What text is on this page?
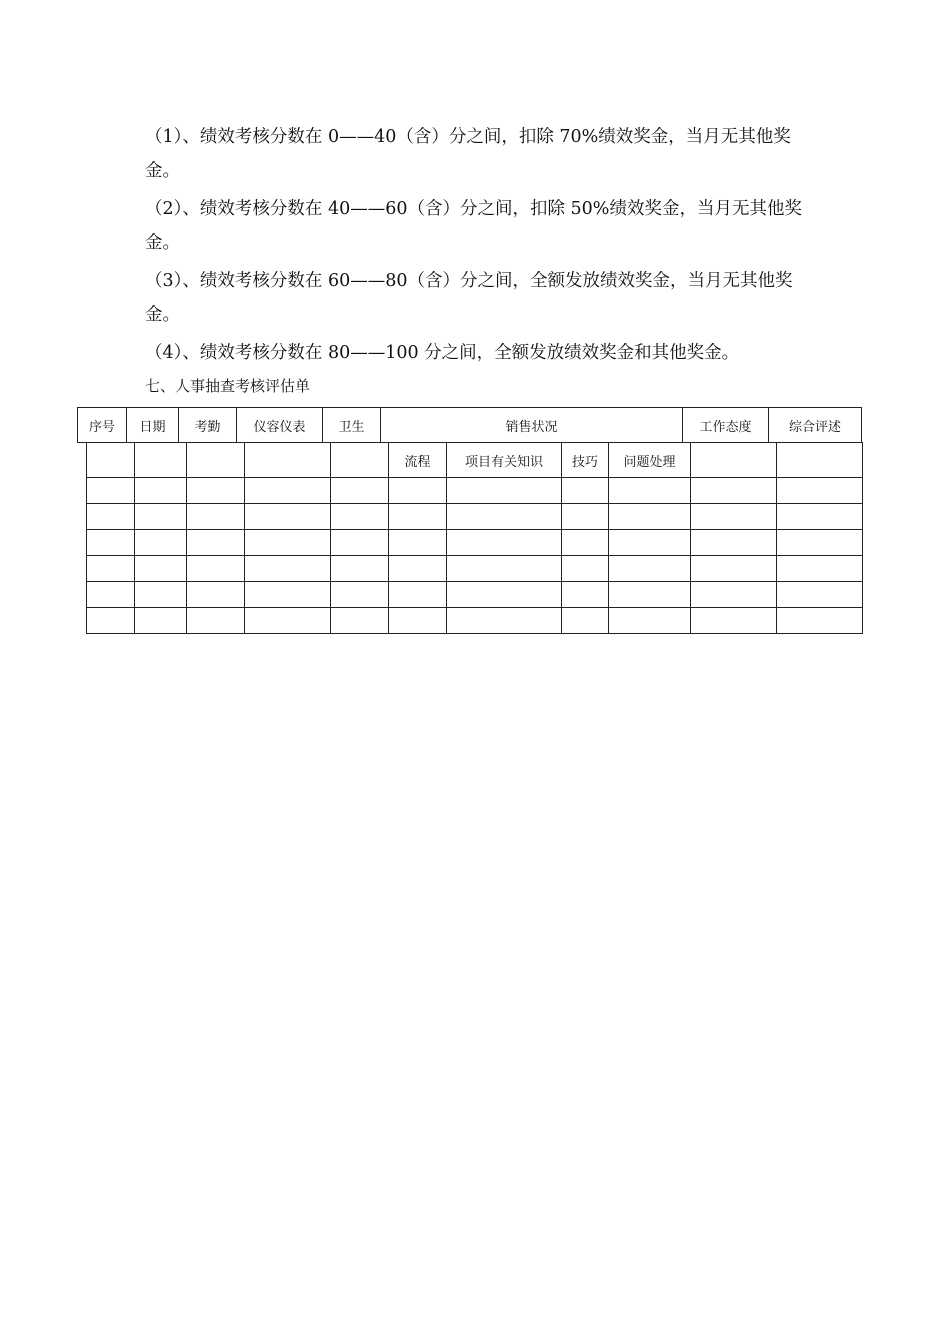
（1）、绩效考核分数在 0——40（含）分之间，扣除 70%绩效奖金，当月无其他奖金。

（2）、绩效考核分数在 40——60（含）分之间，扣除 50%绩效奖金，当月无其他奖金。

（3）、绩效考核分数在 60——80（含）分之间，全额发放绩效奖金，当月无其他奖金。

（4）、绩效考核分数在 80——100 分之间，全额发放绩效奖金和其他奖金。

七、人事抽查考核评估单

序号	日期	考勤	仪容仪表	卫生	销售状况	工作态度	综合评述
					流程	项目有关知识	技巧	问题处理		
